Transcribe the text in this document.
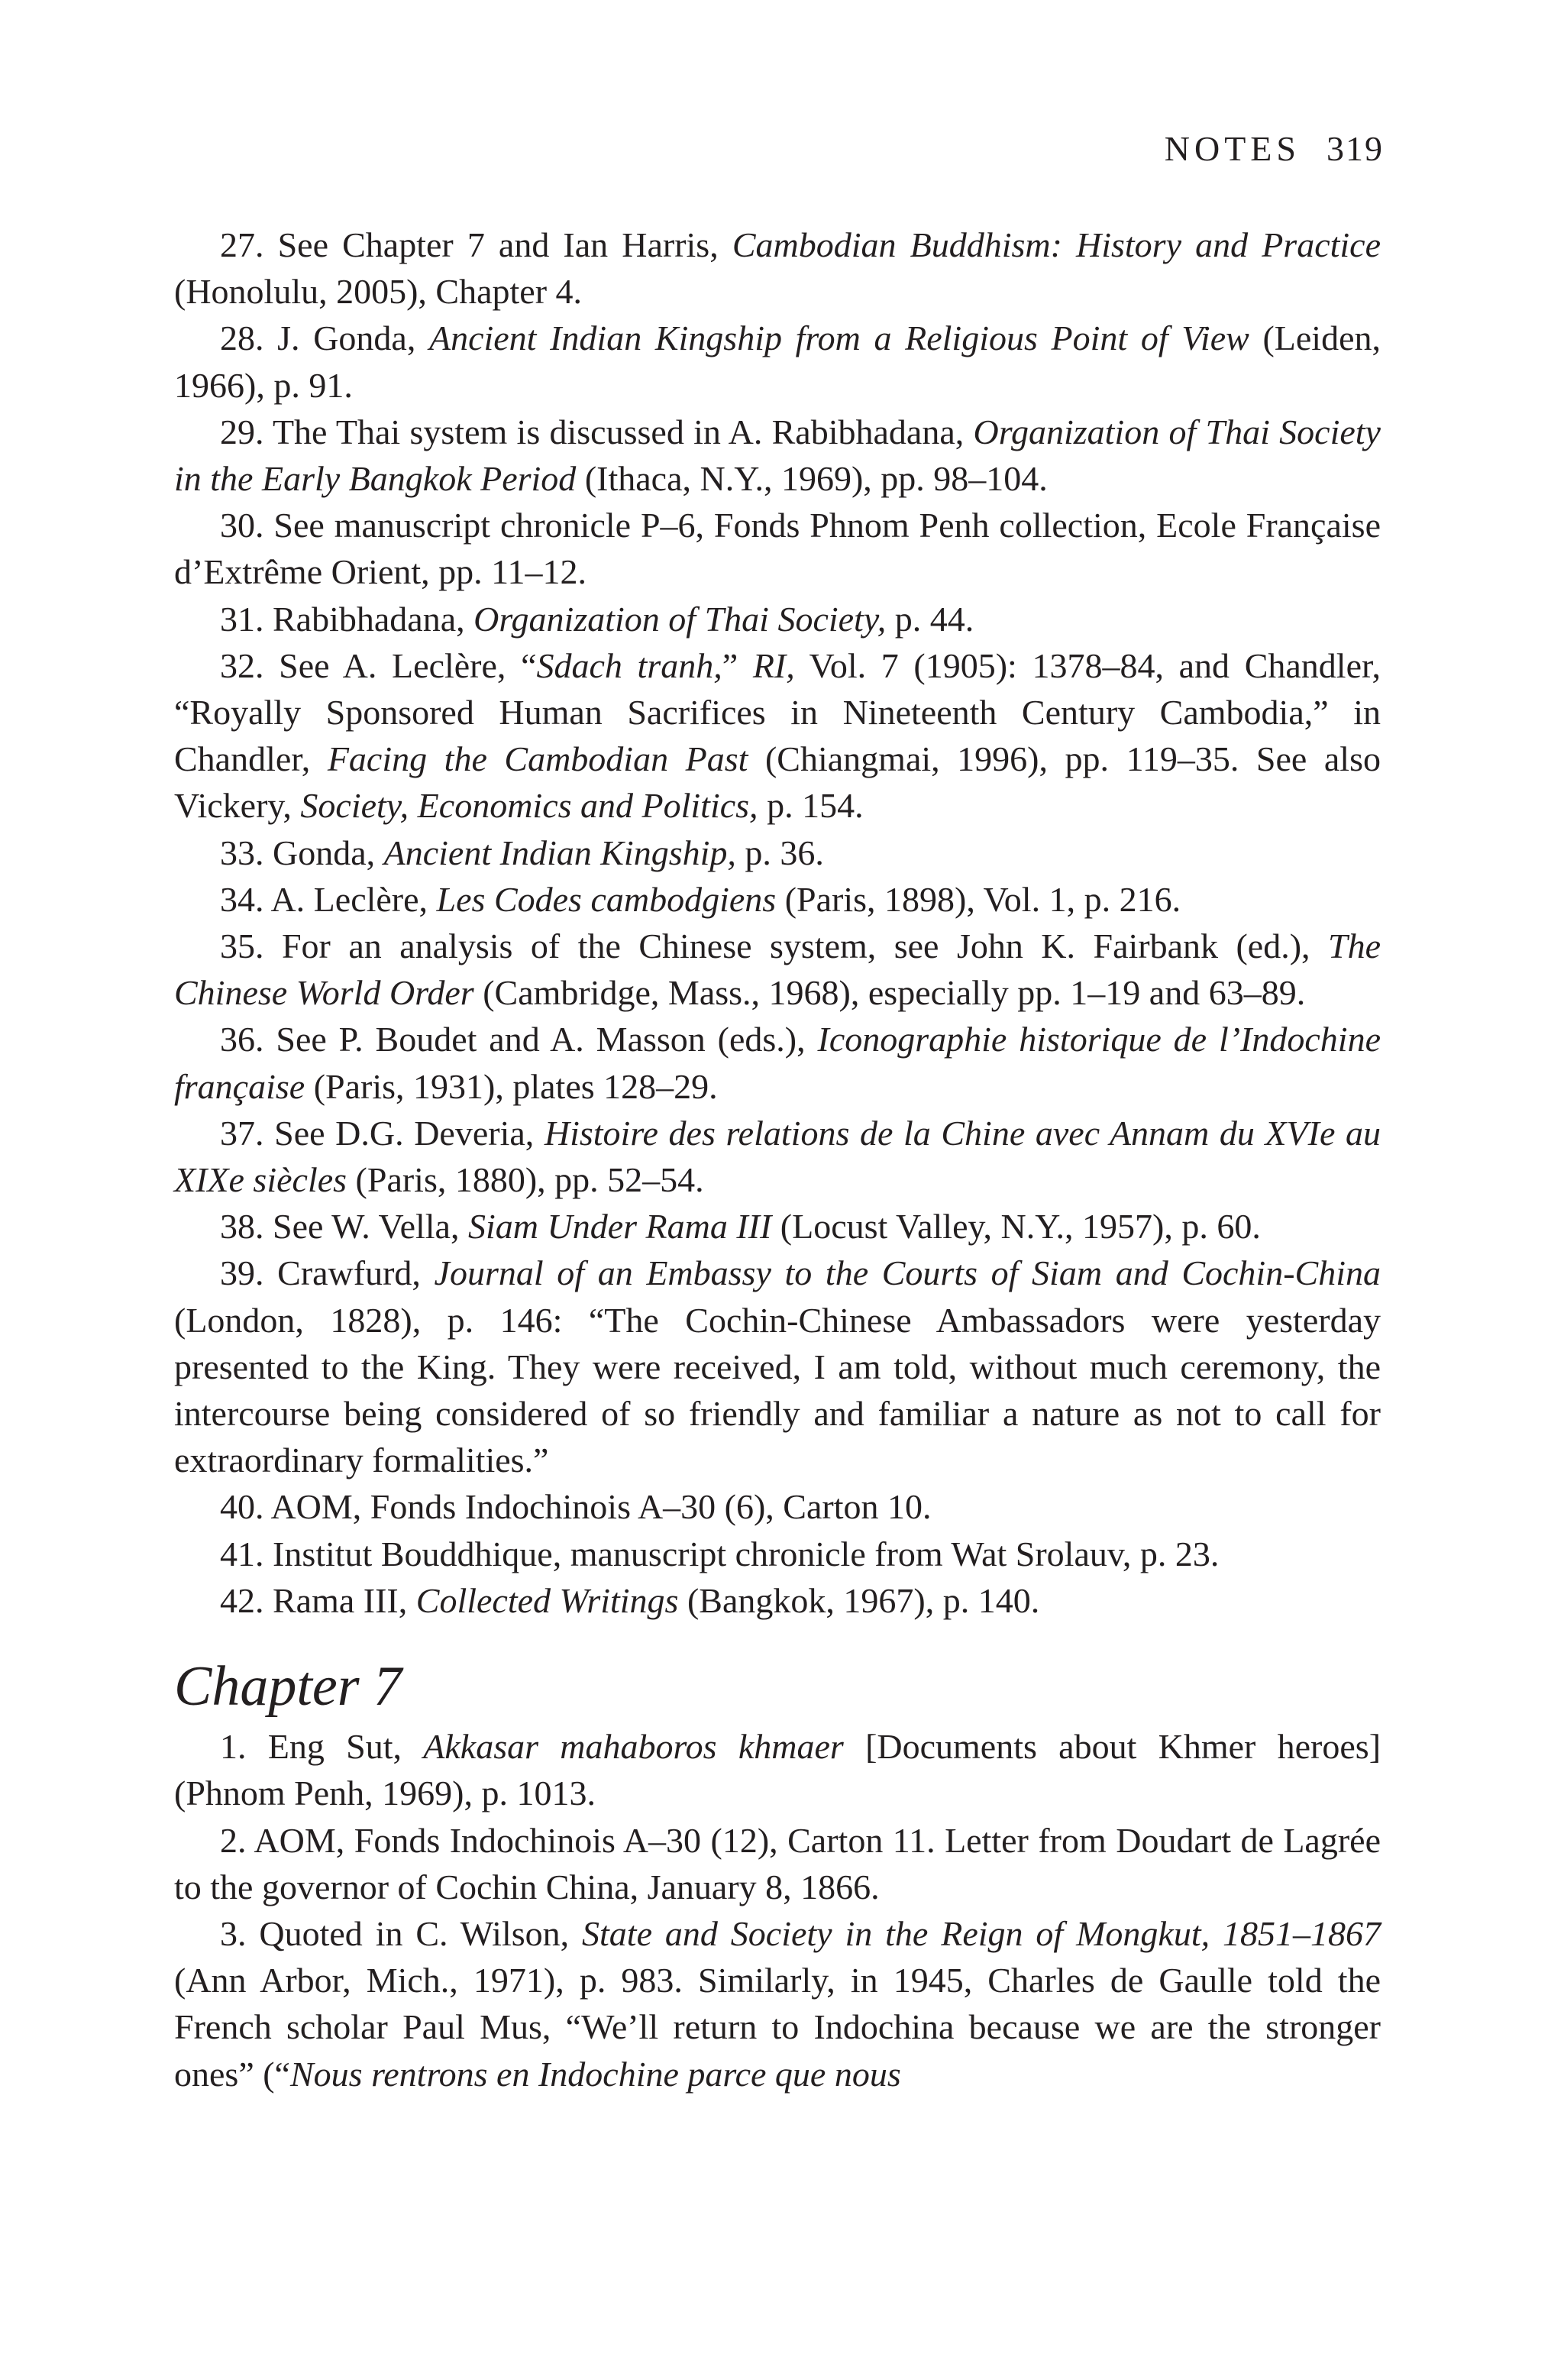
NOTES 319

27. See Chapter 7 and Ian Harris, Cambodian Buddhism: History and Practice (Honolulu, 2005), Chapter 4.

28. J. Gonda, Ancient Indian Kingship from a Religious Point of View (Leiden, 1966), p. 91.

29. The Thai system is discussed in A. Rabibhadana, Organization of Thai Society in the Early Bangkok Period (Ithaca, N.Y., 1969), pp. 98–104.

30. See manuscript chronicle P–6, Fonds Phnom Penh collection, Ecole Française d’Extrême Orient, pp. 11–12.

31. Rabibhadana, Organization of Thai Society, p. 44.

32. See A. Leclère, “Sdach tranh,” RI, Vol. 7 (1905): 1378–84, and Chandler, “Royally Sponsored Human Sacrifices in Nineteenth Century Cambodia,” in Chandler, Facing the Cambodian Past (Chiangmai, 1996), pp. 119–35. See also Vickery, Society, Economics and Politics, p. 154.

33. Gonda, Ancient Indian Kingship, p. 36.

34. A. Leclère, Les Codes cambodgiens (Paris, 1898), Vol. 1, p. 216.

35. For an analysis of the Chinese system, see John K. Fairbank (ed.), The Chinese World Order (Cambridge, Mass., 1968), especially pp. 1–19 and 63–89.

36. See P. Boudet and A. Masson (eds.), Iconographie historique de l’Indochine française (Paris, 1931), plates 128–29.

37. See D.G. Deveria, Histoire des relations de la Chine avec Annam du XVIe au XIXe siècles (Paris, 1880), pp. 52–54.

38. See W. Vella, Siam Under Rama III (Locust Valley, N.Y., 1957), p. 60.

39. Crawfurd, Journal of an Embassy to the Courts of Siam and Cochin-China (London, 1828), p. 146: “The Cochin-Chinese Ambassadors were yesterday presented to the King. They were received, I am told, without much ceremony, the intercourse being considered of so friendly and familiar a nature as not to call for extraordinary formalities.”

40. AOM, Fonds Indochinois A–30 (6), Carton 10.

41. Institut Bouddhique, manuscript chronicle from Wat Srolauv, p. 23.

42. Rama III, Collected Writings (Bangkok, 1967), p. 140.

Chapter 7

1. Eng Sut, Akkasar mahaboros khmaer [Documents about Khmer heroes] (Phnom Penh, 1969), p. 1013.

2. AOM, Fonds Indochinois A–30 (12), Carton 11. Letter from Doudart de Lagrée to the governor of Cochin China, January 8, 1866.

3. Quoted in C. Wilson, State and Society in the Reign of Mongkut, 1851–1867 (Ann Arbor, Mich., 1971), p. 983. Similarly, in 1945, Charles de Gaulle told the French scholar Paul Mus, “We’ll return to Indochina because we are the stronger ones” (“Nous rentrons en Indochine parce que nous
